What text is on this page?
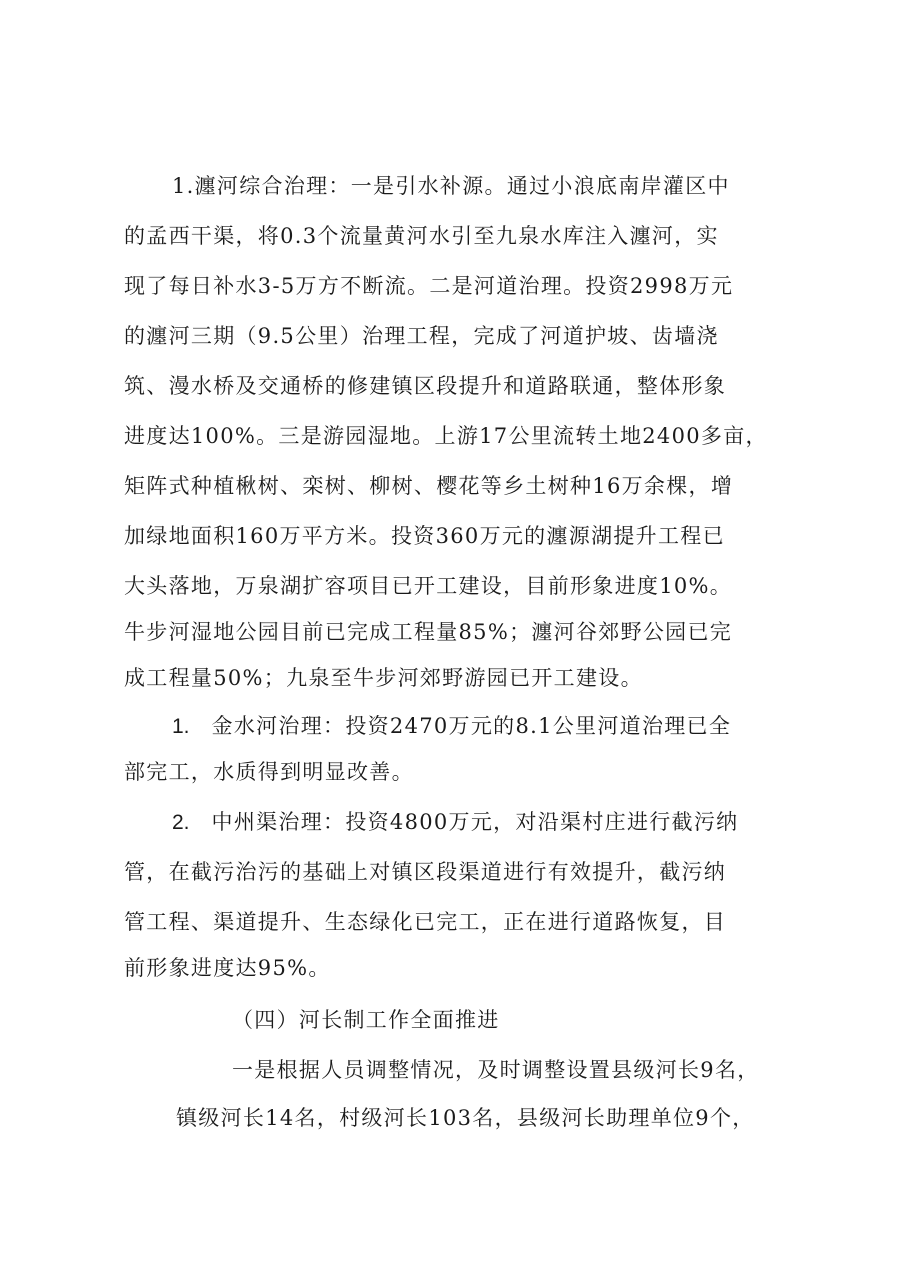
1.瀍河综合治理：一是引水补源。通过小浪底南岸灌区中
的孟西干渠，将0.3个流量黄河水引至九泉水库注入瀍河，实
现了每日补水3-5万方不断流。二是河道治理。投资2998万元
的瀍河三期（9.5公里）治理工程，完成了河道护坡、齿墙浇
筑、漫水桥及交通桥的修建镇区段提升和道路联通，整体形象
进度达100%。三是游园湿地。上游17公里流转土地2400多亩，
矩阵式种植楸树、栾树、柳树、樱花等乡土树种16万余棵，增
加绿地面积160万平方米。投资360万元的瀍源湖提升工程已
大头落地，万泉湖扩容项目已开工建设，目前形象进度10%。
牛步河湿地公园目前已完成工程量85%；瀍河谷郊野公园已完
成工程量50%；九泉至牛步河郊野游园已开工建设。
1. 金水河治理：投资2470万元的8.1公里河道治理已全
部完工，水质得到明显改善。
2. 中州渠治理：投资4800万元，对沿渠村庄进行截污纳
管，在截污治污的基础上对镇区段渠道进行有效提升，截污纳
管工程、渠道提升、生态绿化已完工，正在进行道路恢复，目
前形象进度达95%。
（四）河长制工作全面推进
一是根据人员调整情况，及时调整设置县级河长9名，
镇级河长14名，村级河长103名，县级河长助理单位9个，
